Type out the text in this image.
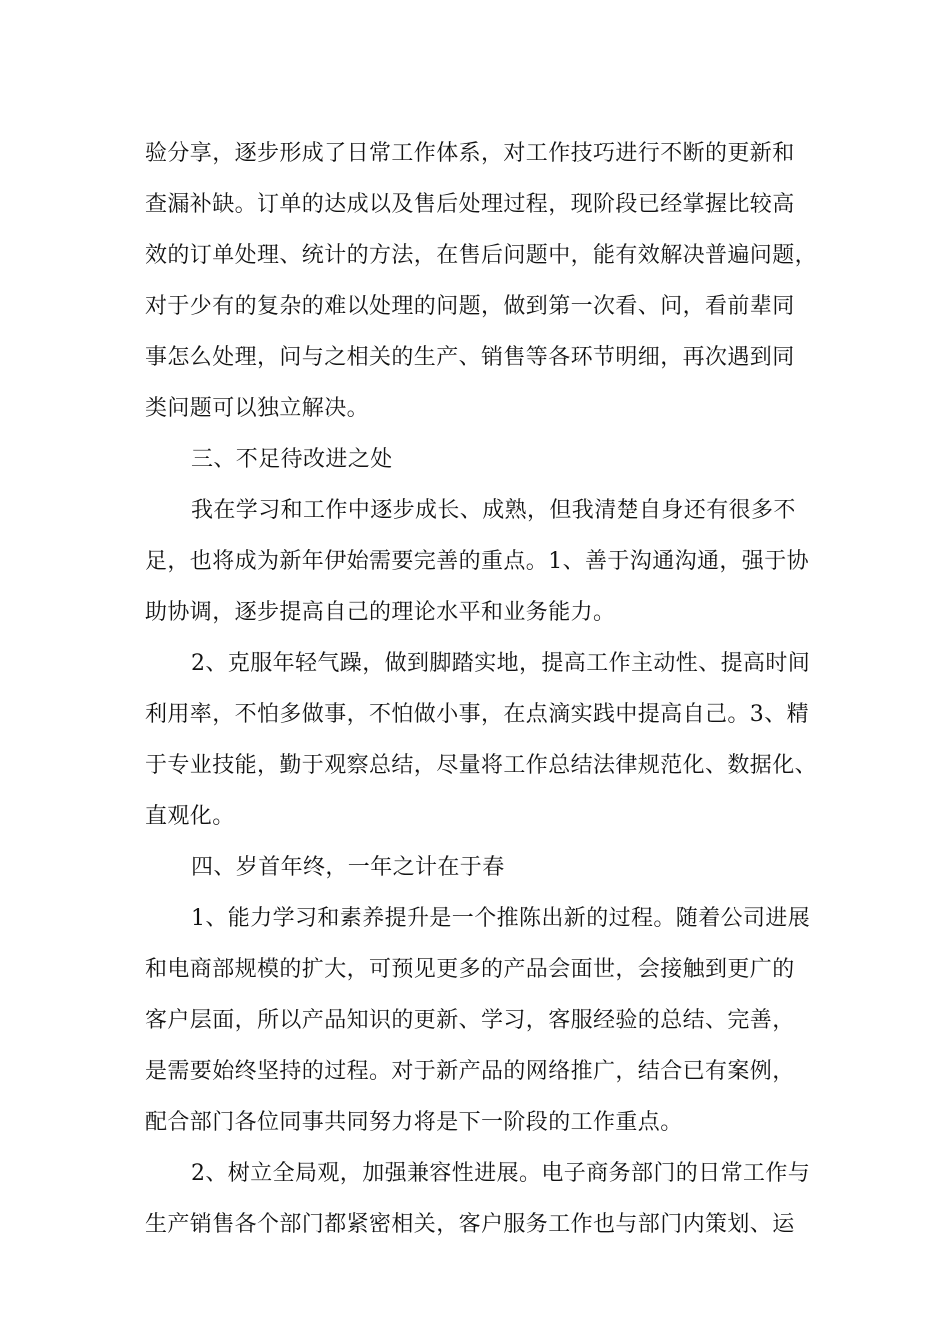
验分享，逐步形成了日常工作体系，对工作技巧进行不断的更新和
查漏补缺。订单的达成以及售后处理过程，现阶段已经掌握比较高
效的订单处理、统计的方法，在售后问题中，能有效解决普遍问题，
对于少有的复杂的难以处理的问题，做到第一次看、问，看前辈同
事怎么处理，问与之相关的生产、销售等各环节明细，再次遇到同
类问题可以独立解决。
三、不足待改进之处
我在学习和工作中逐步成长、成熟，但我清楚自身还有很多不
足，也将成为新年伊始需要完善的重点。1、善于沟通沟通，强于协
助协调，逐步提高自己的理论水平和业务能力。
2、克服年轻气躁，做到脚踏实地，提高工作主动性、提高时间
利用率，不怕多做事，不怕做小事，在点滴实践中提高自己。3、精
于专业技能，勤于观察总结，尽量将工作总结法律规范化、数据化、
直观化。
四、岁首年终，一年之计在于春
1、能力学习和素养提升是一个推陈出新的过程。随着公司进展
和电商部规模的扩大，可预见更多的产品会面世，会接触到更广的
客户层面，所以产品知识的更新、学习，客服经验的总结、完善，
是需要始终坚持的过程。对于新产品的网络推广，结合已有案例，
配合部门各位同事共同努力将是下一阶段的工作重点。
2、树立全局观，加强兼容性进展。电子商务部门的日常工作与
生产销售各个部门都紧密相关，客户服务工作也与部门内策划、运
